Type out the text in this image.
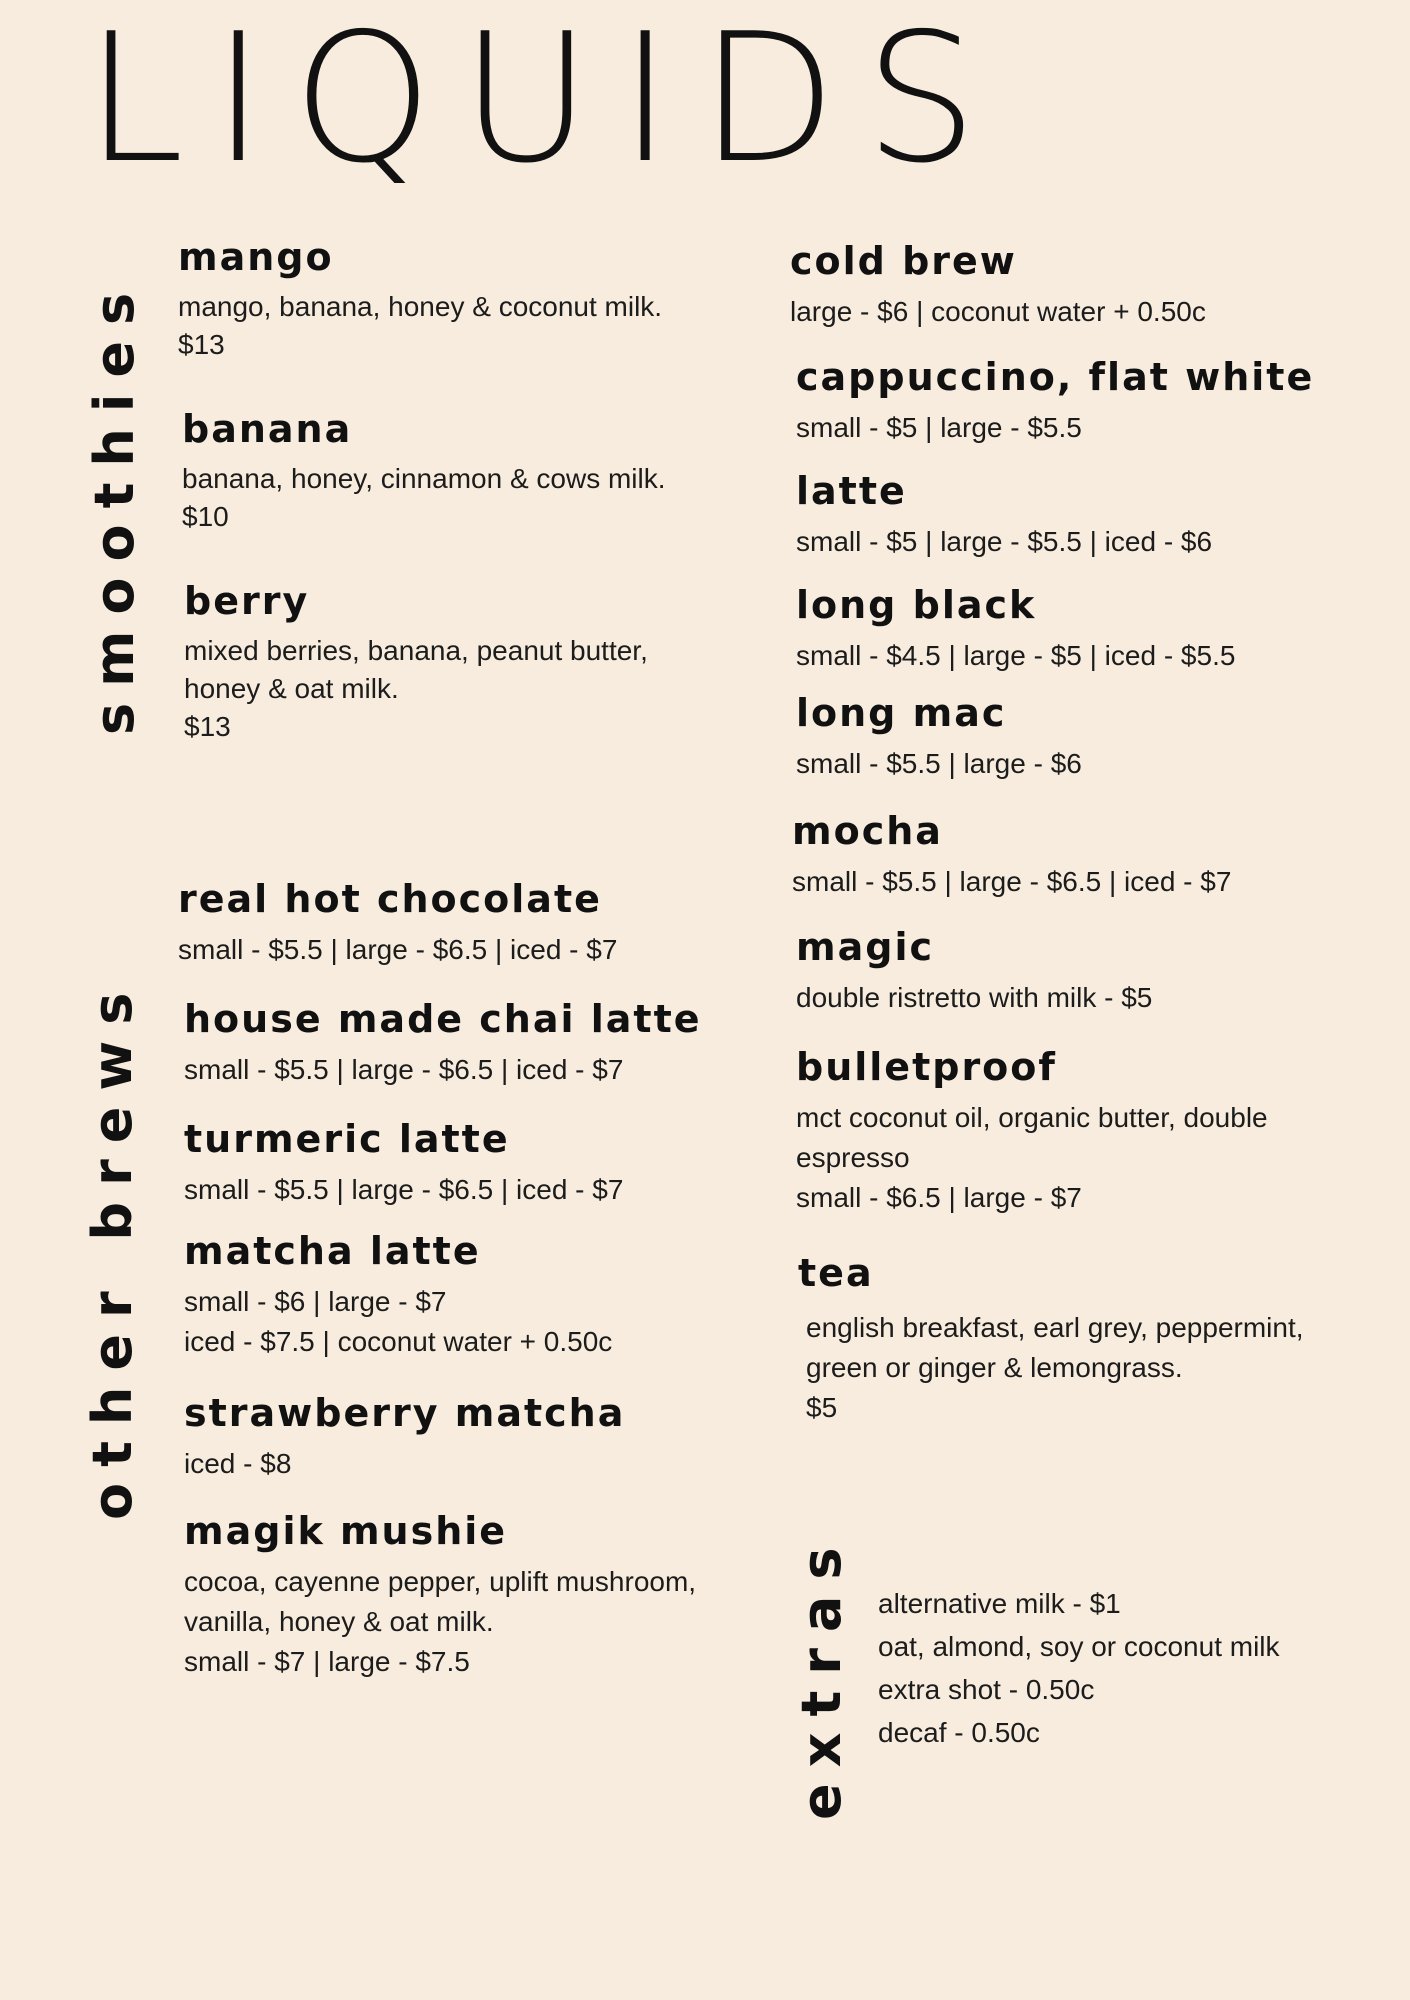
LIQUIDS
smoothies
other brews
extras
mango
mango, banana, honey & coconut milk.
$13
banana
banana, honey, cinnamon & cows milk.
$10
berry
mixed berries, banana, peanut butter,
honey & oat milk.
$13
real hot chocolate
small - $5.5 | large - $6.5 | iced - $7
house made chai latte
small - $5.5 | large - $6.5 | iced - $7
turmeric latte
small - $5.5 | large - $6.5 | iced - $7
matcha latte
small - $6 | large - $7
iced - $7.5 | coconut water + 0.50c
strawberry matcha
iced - $8
magik mushie
cocoa, cayenne pepper, uplift mushroom,
vanilla, honey & oat milk.
small - $7 | large - $7.5
cold brew
large - $6 | coconut water + 0.50c
cappuccino, flat white
small - $5 | large - $5.5
latte
small - $5 | large - $5.5 | iced - $6
long black
small - $4.5 | large - $5 | iced - $5.5
long mac
small - $5.5 | large - $6
mocha
small - $5.5 | large - $6.5 | iced - $7
magic
double ristretto with milk - $5
bulletproof
mct coconut oil, organic butter, double
espresso
small - $6.5 | large - $7
tea
english breakfast, earl grey, peppermint,
green or ginger & lemongrass.
$5
alternative milk - $1
oat, almond, soy or coconut milk
extra shot - 0.50c
decaf - 0.50c
